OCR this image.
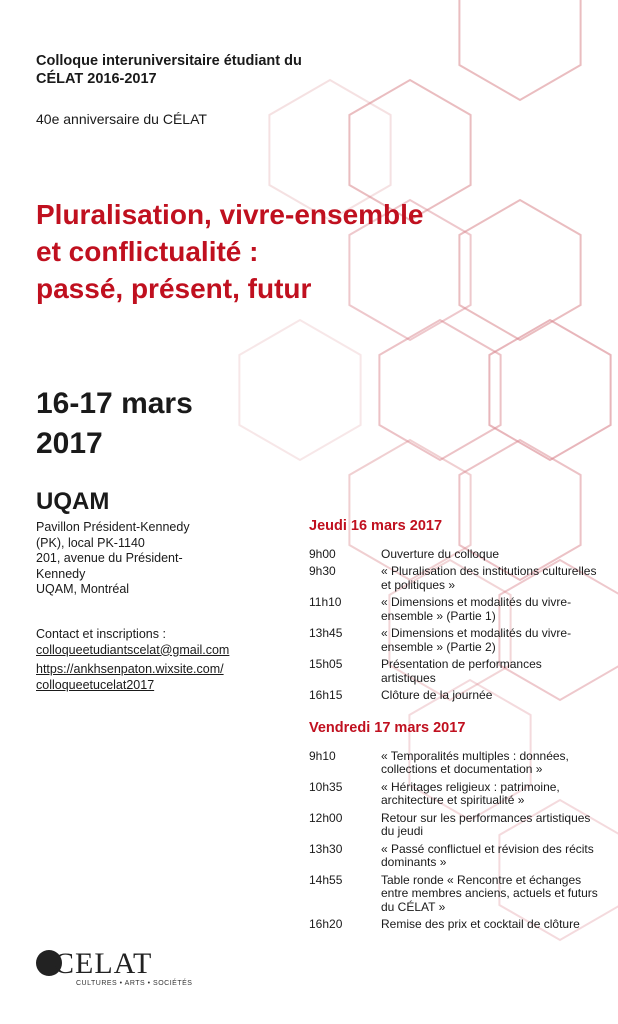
Colloque interuniversitaire étudiant du
CÉLAT 2016-2017
40e anniversaire du CÉLAT
Pluralisation, vivre-ensemble
et conflictualité :
passé, présent, futur
16-17 mars
2017
UQAM
Pavillon Président-Kennedy
(PK), local PK-1140
201, avenue du Président-
Kennedy
UQAM, Montréal
Contact et inscriptions :
colloqueetudiantscelat@gmail.com
https://ankhsenpaton.wixsite.com/
colloqueetucelat2017
Jeudi 16 mars 2017
9h00	Ouverture du colloque
9h30	« Pluralisation des institutions culturelles et politiques »
11h10	« Dimensions et modalités du vivre-ensemble » (Partie 1)
13h45	« Dimensions et modalités du vivre-ensemble » (Partie 2)
15h05	Présentation de performances artistiques
16h15	Clôture de la journée
Vendredi 17 mars 2017
9h10	« Temporalités multiples : données, collections et documentation »
10h35	« Héritages religieux : patrimoine, architecture et spiritualité »
12h00	Retour sur les performances artistiques du jeudi
13h30	« Passé conflictuel et révision des récits dominants »
14h55	Table ronde « Rencontre et échanges entre membres anciens, actuels et futurs du CÉLAT »
16h20	Remise des prix et cocktail de clôture
CELAT
CULTURES • ARTS • SOCIÉTÉS
